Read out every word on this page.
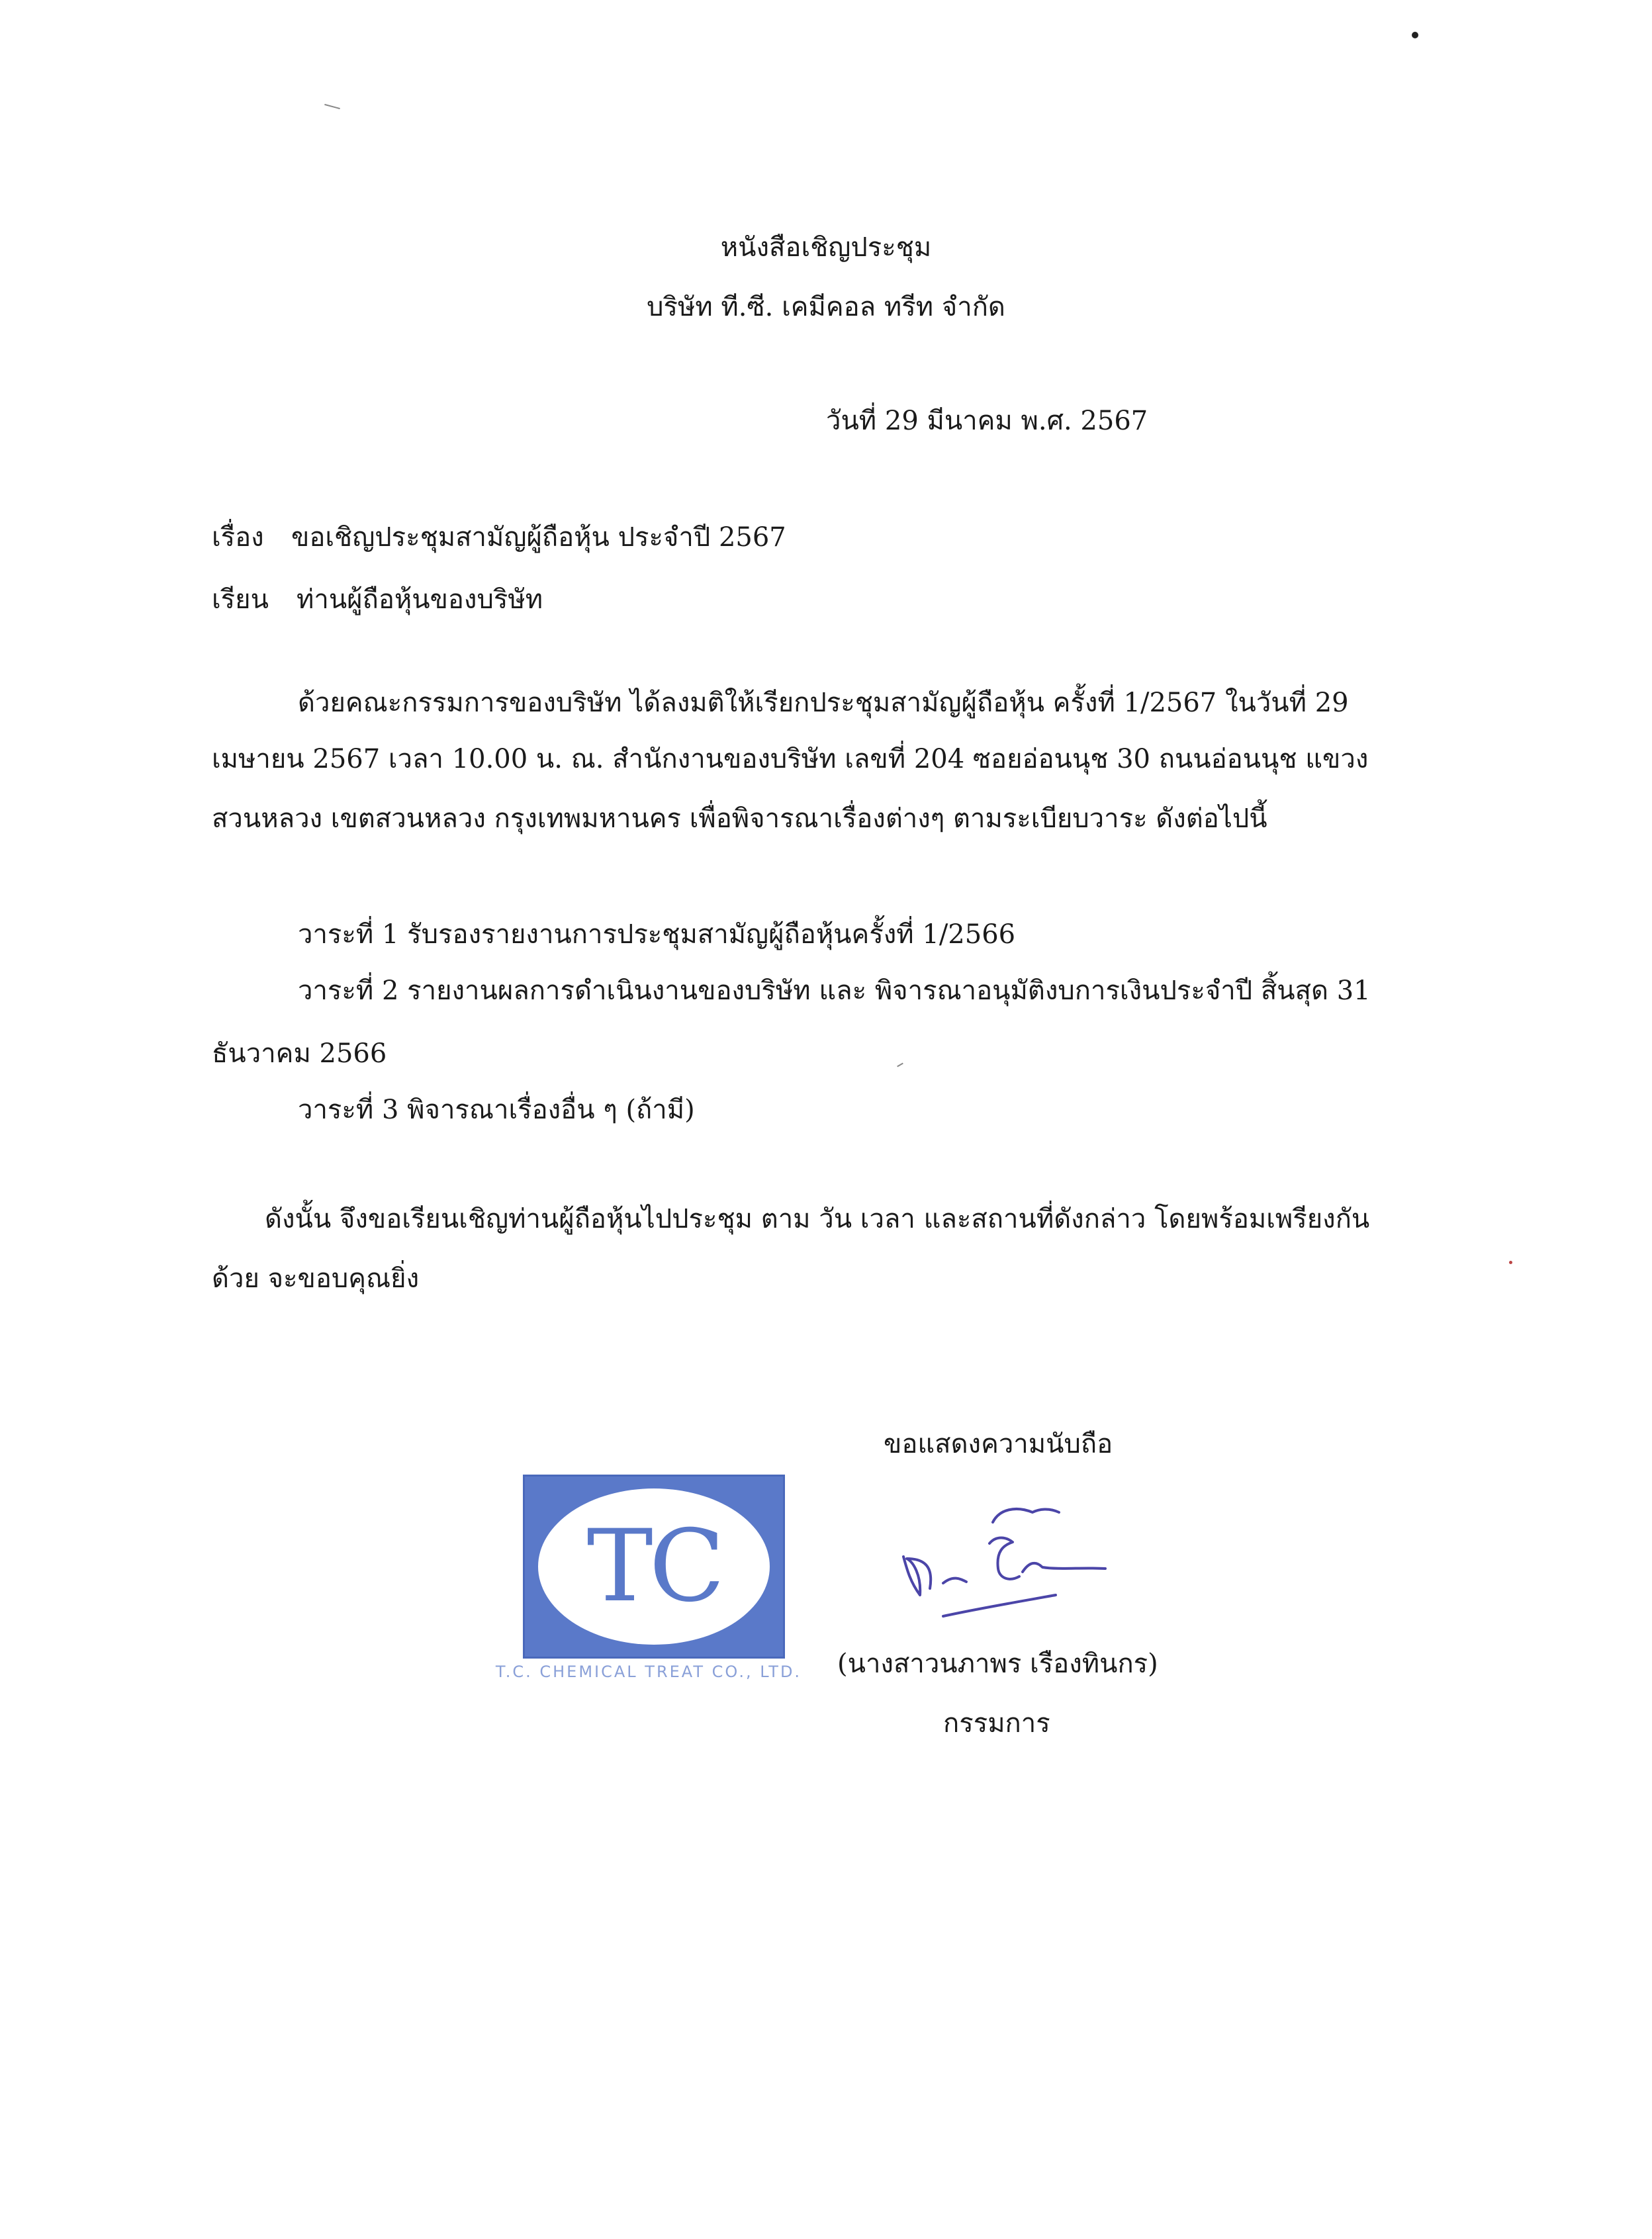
หนังสือเชิญประชุม
บริษัท ที.ซี. เคมีคอล ทรีท จำกัด
วันที่ 29 มีนาคม พ.ศ. 2567
เรื่อง ขอเชิญประชุมสามัญผู้ถือหุ้น ประจำปี 2567
เรียน ท่านผู้ถือหุ้นของบริษัท
ด้วยคณะกรรมการของบริษัท ได้ลงมติให้เรียกประชุมสามัญผู้ถือหุ้น ครั้งที่ 1/2567 ในวันที่ 29
เมษายน 2567 เวลา 10.00 น. ณ. สำนักงานของบริษัท เลขที่ 204 ซอยอ่อนนุช 30 ถนนอ่อนนุช แขวง
สวนหลวง เขตสวนหลวง กรุงเทพมหานคร เพื่อพิจารณาเรื่องต่างๆ ตามระเบียบวาระ ดังต่อไปนี้
วาระที่ 1 รับรองรายงานการประชุมสามัญผู้ถือหุ้นครั้งที่ 1/2566
วาระที่ 2 รายงานผลการดำเนินงานของบริษัท และ พิจารณาอนุมัติงบการเงินประจำปี สิ้นสุด 31
ธันวาคม 2566
วาระที่ 3 พิจารณาเรื่องอื่น ๆ (ถ้ามี)
ดังนั้น จึงขอเรียนเชิญท่านผู้ถือหุ้นไปประชุม ตาม วัน เวลา และสถานที่ดังกล่าว โดยพร้อมเพรียงกัน
ด้วย จะขอบคุณยิ่ง
ขอแสดงความนับถือ
TC
T.C. CHEMICAL TREAT CO., LTD. (นางสาวนภาพร เรืองทินกร)
กรรมการ
